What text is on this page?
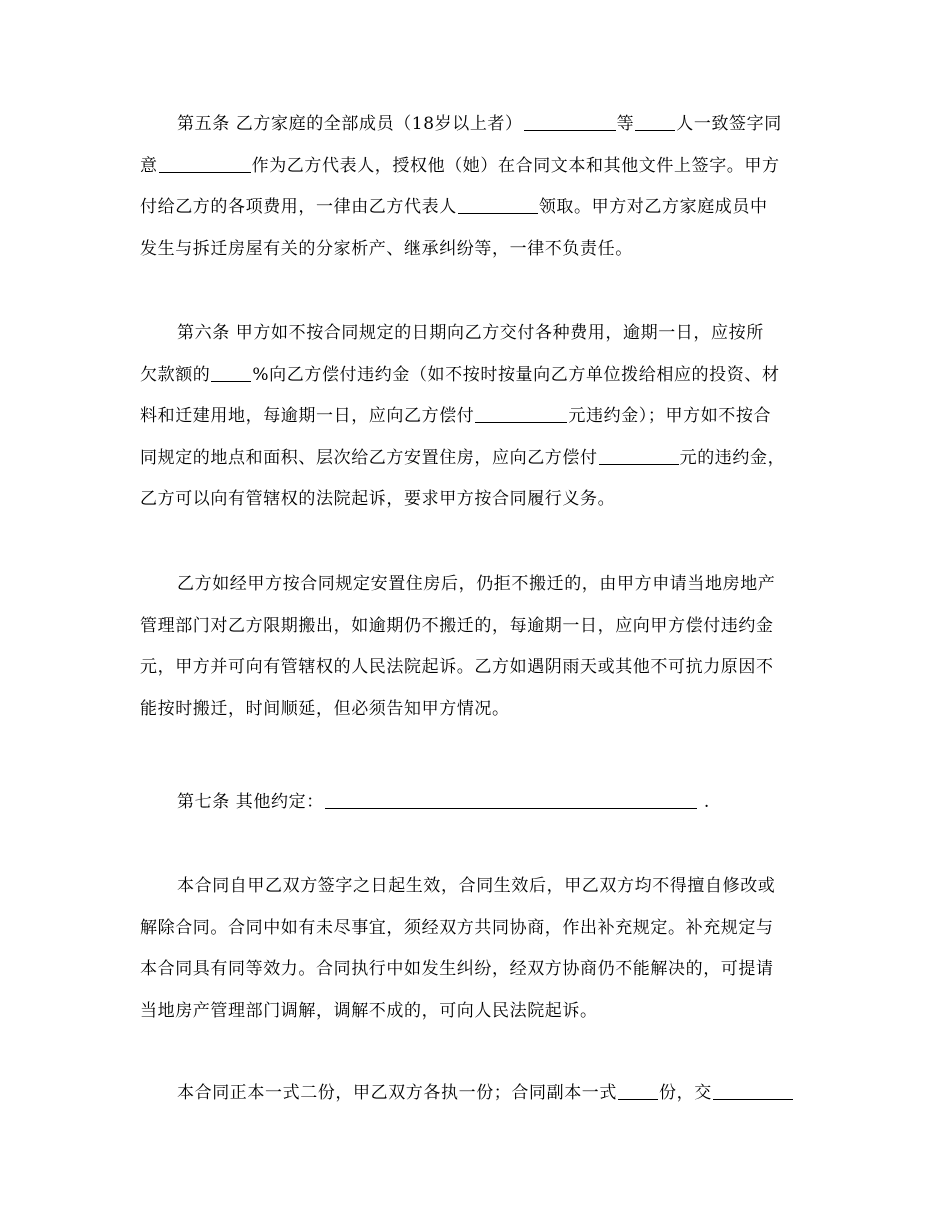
第五条 乙方家庭的全部成员（18岁以上者）	等 人一致签字同
意	作为乙方代表人，授权他（她）在合同文本和其他文件上签字。甲方
付给乙方的各项费用，一律由乙方代表人	领取。甲方对乙方家庭成员中
发生与拆迁房屋有关的分家析产、继承纠纷等，一律不负责任。
第六条 甲方如不按合同规定的日期向乙方交付各种费用，逾期一日，应按所
欠款额的 %向乙方偿付违约金（如不按时按量向乙方单位拨给相应的投资、材
料和迁建用地，每逾期一日，应向乙方偿付	元违约金）；甲方如不按合
同规定的地点和面积、层次给乙方安置住房，应向乙方偿付	元的违约金，
乙方可以向有管辖权的法院起诉，要求甲方按合同履行义务。
乙方如经甲方按合同规定安置住房后，仍拒不搬迁的，由甲方申请当地房地产
管理部门对乙方限期搬出，如逾期仍不搬迁的，每逾期一日，应向甲方偿付违约金
元，甲方并可向有管辖权的人民法院起诉。乙方如遇阴雨天或其他不可抗力原因不
能按时搬迁，时间顺延，但必须告知甲方情况。
第七条 其他约定：	.
本合同自甲乙双方签字之日起生效，合同生效后，甲乙双方均不得擅自修改或
解除合同。合同中如有未尽事宜，须经双方共同协商，作出补充规定。补充规定与
本合同具有同等效力。合同执行中如发生纠纷，经双方协商仍不能解决的，可提请
当地房产管理部门调解，调解不成的，可向人民法院起诉。
本合同正本一式二份，甲乙双方各执一份；合同副本一式 份，交
